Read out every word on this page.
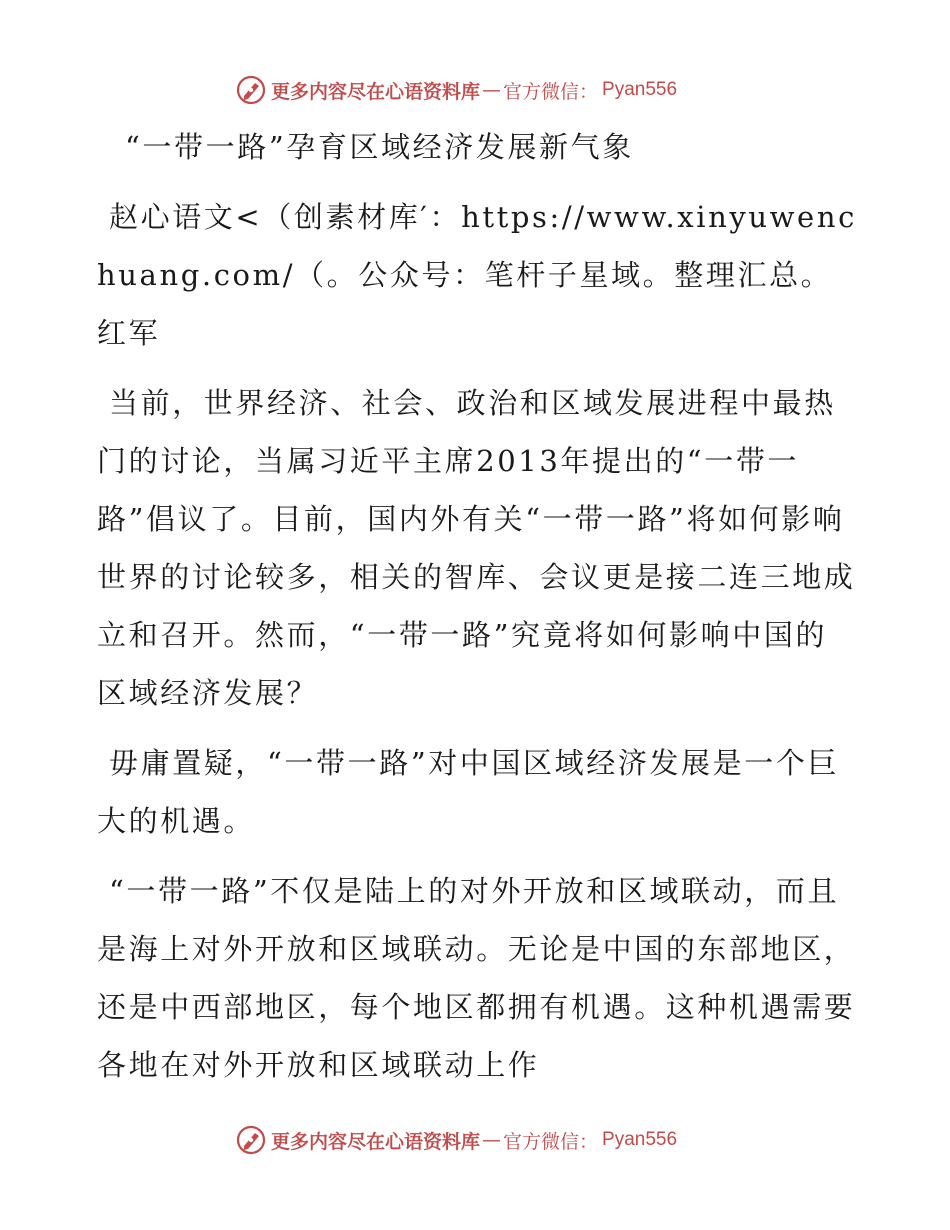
更多内容尽在心语资料库 — 官方微信： Pyan556
“一带一路”孕育区域经济发展新气象

赵心语文<（创素材库′：https://www.xinyuwenchuang.com/（。公众号：笔杆子星域。整理汇总。红军

当前，世界经济、社会、政治和区域发展进程中最热门的讨论，当属习近平主席2013年提出的“一带一路”倡议了。目前，国内外有关“一带一路”将如何影响世界的讨论较多，相关的智库、会议更是接二连三地成立和召开。然而，“一带一路”究竟将如何影响中国的区域经济发展？

毋庸置疑，“一带一路”对中国区域经济发展是一个巨大的机遇。

“一带一路”不仅是陆上的对外开放和区域联动，而且是海上对外开放和区域联动。无论是中国的东部地区，还是中西部地区，每个地区都拥有机遇。这种机遇需要各地在对外开放和区域联动上作

更多内容尽在心语资料库 — 官方微信： Pyan556
